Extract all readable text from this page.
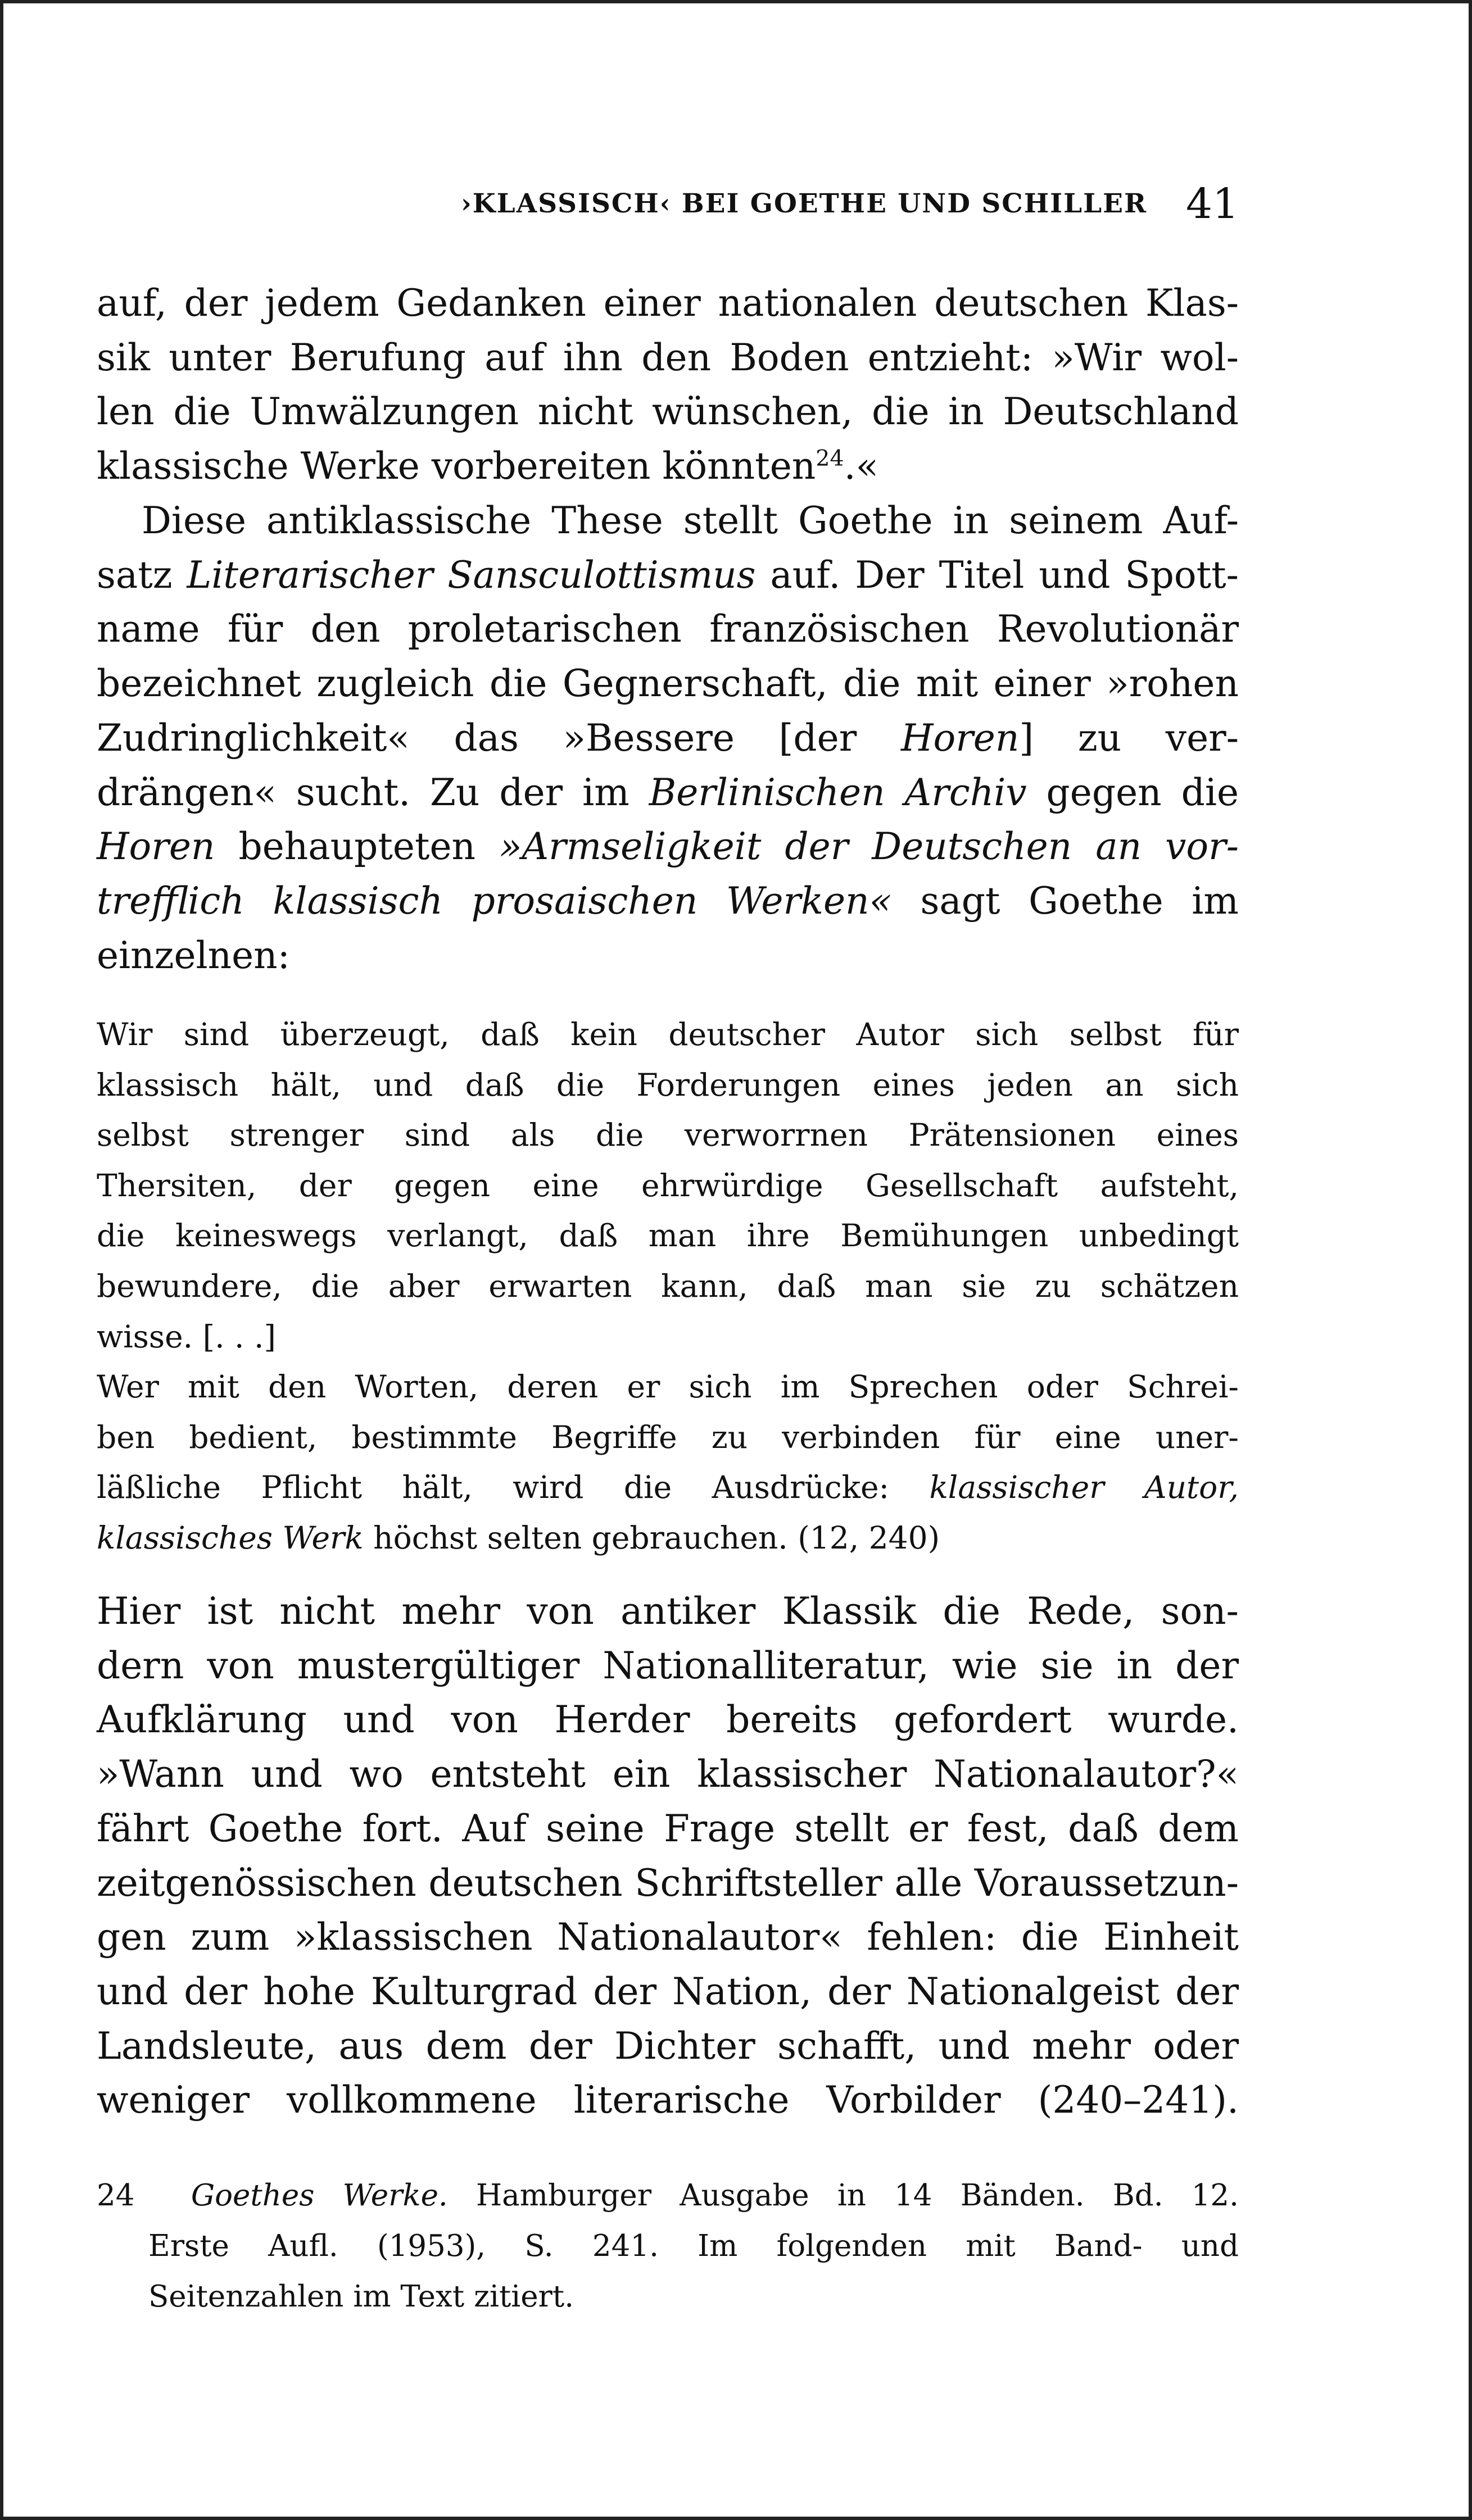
›KLASSISCH‹ BEI GOETHE UND SCHILLER 41
auf, der jedem Gedanken einer nationalen deutschen Klas-
sik unter Berufung auf ihn den Boden entzieht: »Wir wol-
len die Umwälzungen nicht wünschen, die in Deutschland
klassische Werke vorbereiten könnten$^{24}$.«
Diese antiklassische These stellt Goethe in seinem Auf-
satz Literarischer Sansculottismus auf. Der Titel und Spott-
name für den proletarischen französischen Revolutionär
bezeichnet zugleich die Gegnerschaft, die mit einer »rohen
Zudringlichkeit« das »Bessere [der Horen] zu ver-
drängen« sucht. Zu der im Berlinischen Archiv gegen die
Horen behaupteten »Armseligkeit der Deutschen an vor-
trefflich klassisch prosaischen Werken« sagt Goethe im
einzelnen:
Wir sind überzeugt, daß kein deutscher Autor sich selbst für
klassisch hält, und daß die Forderungen eines jeden an sich
selbst strenger sind als die verworrnen Prätensionen eines
Thersiten, der gegen eine ehrwürdige Gesellschaft aufsteht,
die keineswegs verlangt, daß man ihre Bemühungen unbedingt
bewundere, die aber erwarten kann, daß man sie zu schätzen
wisse. [. . .]
Wer mit den Worten, deren er sich im Sprechen oder Schrei-
ben bedient, bestimmte Begriffe zu verbinden für eine uner-
läßliche Pflicht hält, wird die Ausdrücke: klassischer Autor,
klassisches Werk höchst selten gebrauchen. (12, 240)
Hier ist nicht mehr von antiker Klassik die Rede, son-
dern von mustergültiger Nationalliteratur, wie sie in der
Aufklärung und von Herder bereits gefordert wurde.
»Wann und wo entsteht ein klassischer Nationalautor?«
fährt Goethe fort. Auf seine Frage stellt er fest, daß dem
zeitgenössischen deutschen Schriftsteller alle Voraussetzun-
gen zum »klassischen Nationalautor« fehlen: die Einheit
und der hohe Kulturgrad der Nation, der Nationalgeist der
Landsleute, aus dem der Dichter schafft, und mehr oder
weniger vollkommene literarische Vorbilder (240–241).
24 Goethes Werke. Hamburger Ausgabe in 14 Bänden. Bd. 12.
Erste Aufl. (1953), S. 241. Im folgenden mit Band- und
Seitenzahlen im Text zitiert.
